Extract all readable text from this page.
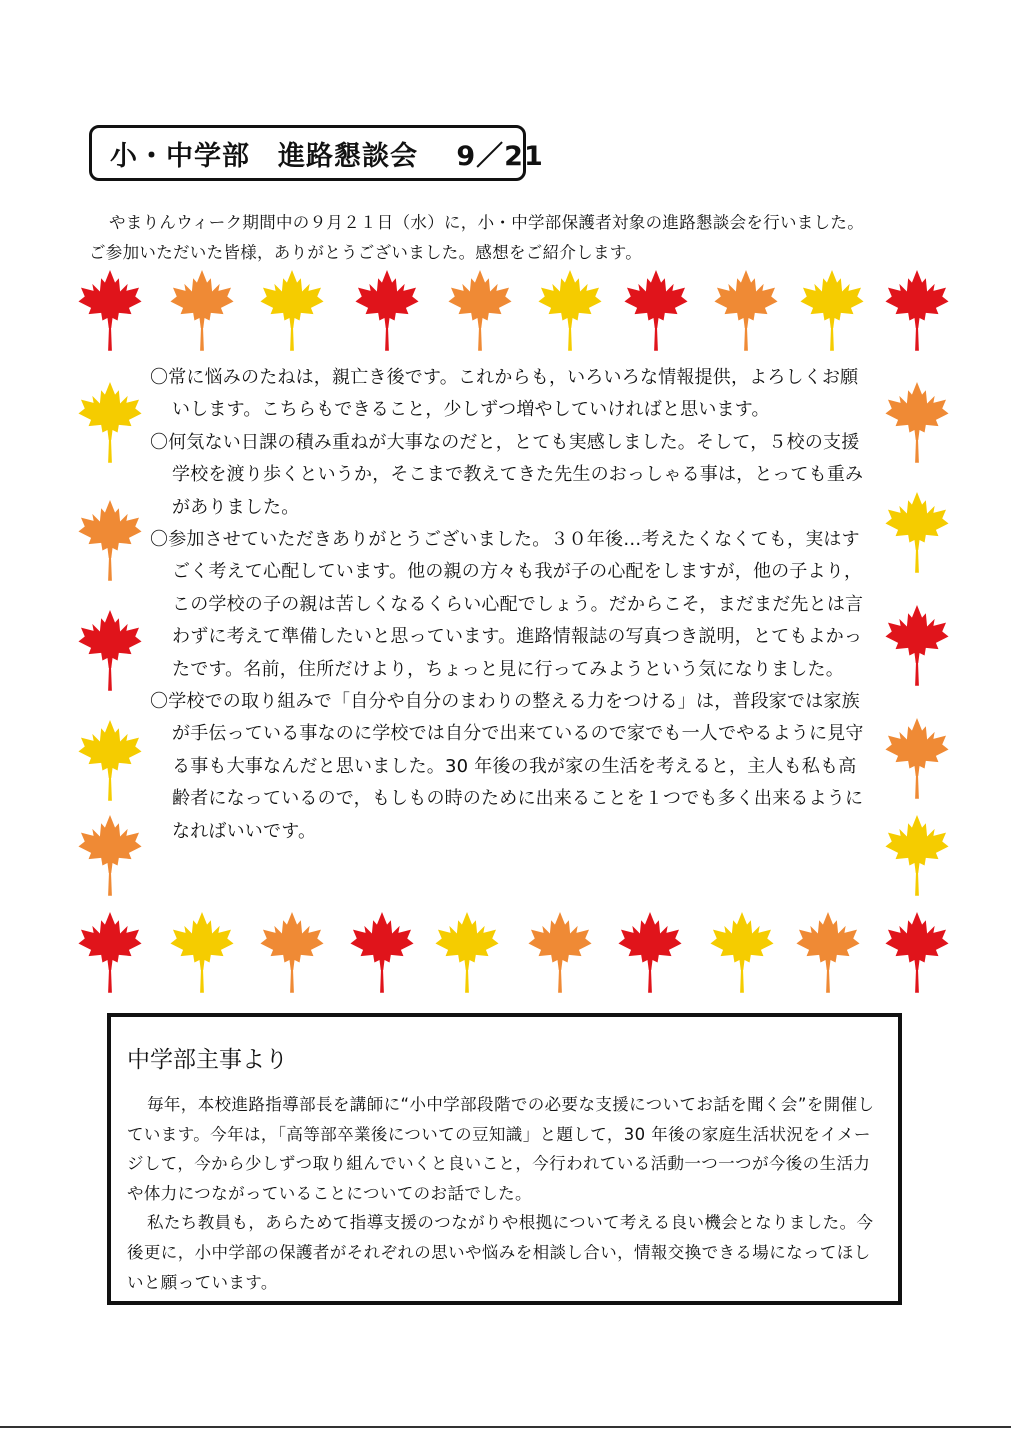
小・中学部　進路懇談会　 9／21

やまりんウィーク期間中の９月２１日（水）に，小・中学部保護者対象の進路懇談会を行いました。

ご参加いただいた皆様，ありがとうございました。感想をご紹介します。

〇常に悩みのたねは，親亡き後です。これからも，いろいろな情報提供，よろしくお願いします。こちらもできること，少しずつ増やしていければと思います。

〇何気ない日課の積み重ねが大事なのだと，とても実感しました。そして，５校の支援学校を渡り歩くというか，そこまで教えてきた先生のおっしゃる事は，とっても重みがありました。

〇参加させていただきありがとうございました。３０年後…考えたくなくても，実はすごく考えて心配しています。他の親の方々も我が子の心配をしますが，他の子より，この学校の子の親は苦しくなるくらい心配でしょう。だからこそ，まだまだ先とは言わずに考えて準備したいと思っています。進路情報誌の写真つき説明，とてもよかったです。名前，住所だけより，ちょっと見に行ってみようという気になりました。

〇学校での取り組みで「自分や自分のまわりの整える力をつける」は，普段家では家族が手伝っている事なのに学校では自分で出来ているので家でも一人でやるように見守る事も大事なんだと思いました。30 年後の我が家の生活を考えると，主人も私も高齢者になっているので，もしもの時のために出来ることを１つでも多く出来るようになればいいです。

中学部主事より

毎年，本校進路指導部長を講師に“小中学部段階での必要な支援についてお話を聞く会”を開催しています。今年は，「高等部卒業後についての豆知識」と題して，30 年後の家庭生活状況をイメージして，今から少しずつ取り組んでいくと良いこと，今行われている活動一つ一つが今後の生活力や体力につながっていることについてのお話でした。

私たち教員も，あらためて指導支援のつながりや根拠について考える良い機会となりました。今後更に，小中学部の保護者がそれぞれの思いや悩みを相談し合い，情報交換できる場になってほしいと願っています。
